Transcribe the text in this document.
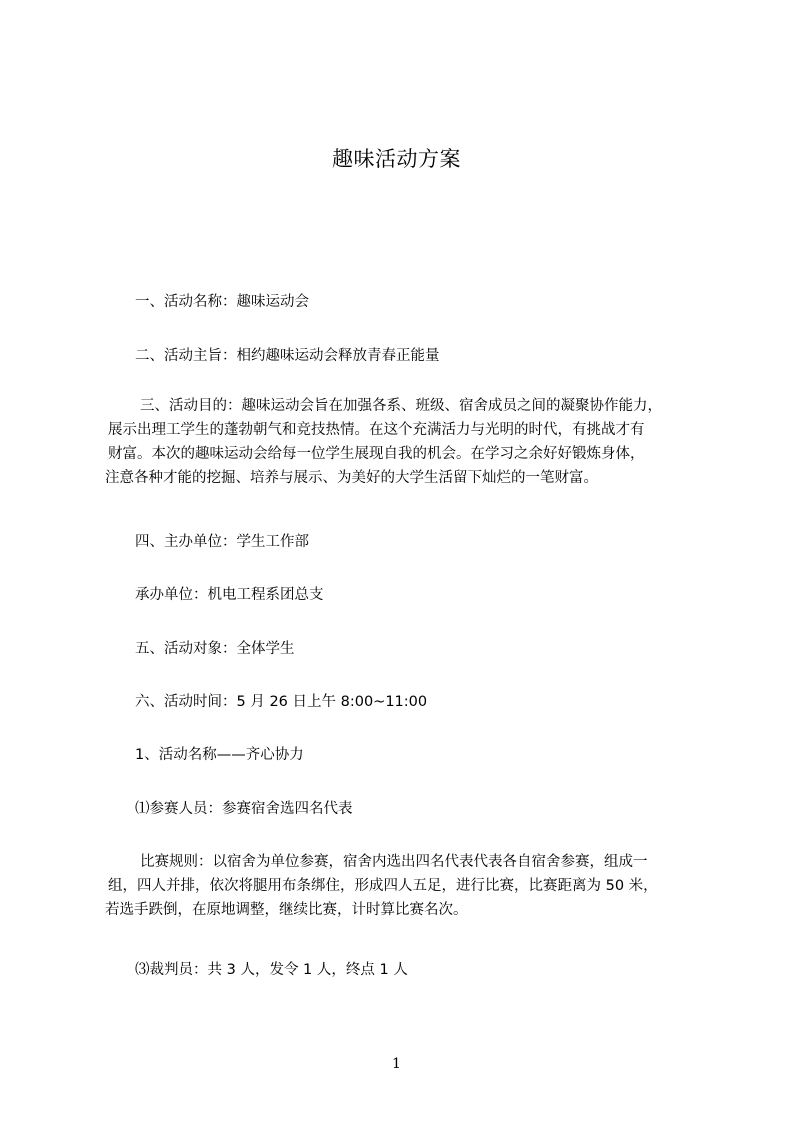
趣味活动方案
一、活动名称：趣味运动会
二、活动主旨：相约趣味运动会释放青春正能量
三、活动目的：趣味运动会旨在加强各系、班级、宿舍成员之间的凝聚协作能力，
展示出理工学生的蓬勃朝气和竞技热情。在这个充满活力与光明的时代，有挑战才有
财富。本次的趣味运动会给每一位学生展现自我的机会。在学习之余好好锻炼身体，
注意各种才能的挖掘、培养与展示、为美好的大学生活留下灿烂的一笔财富。
四、主办单位：学生工作部
承办单位：机电工程系团总支
五、活动对象：全体学生
六、活动时间：5 月 26 日上午 8:00~11:00
1、活动名称——齐心协力
⑴参赛人员：参赛宿舍选四名代表
比赛规则：以宿舍为单位参赛，宿舍内选出四名代表代表各自宿舍参赛，组成一
组，四人并排，依次将腿用布条绑住，形成四人五足，进行比赛，比赛距离为 50 米，
若选手跌倒，在原地调整，继续比赛，计时算比赛名次。
⑶裁判员：共 3 人，发令 1 人，终点 1 人
1
